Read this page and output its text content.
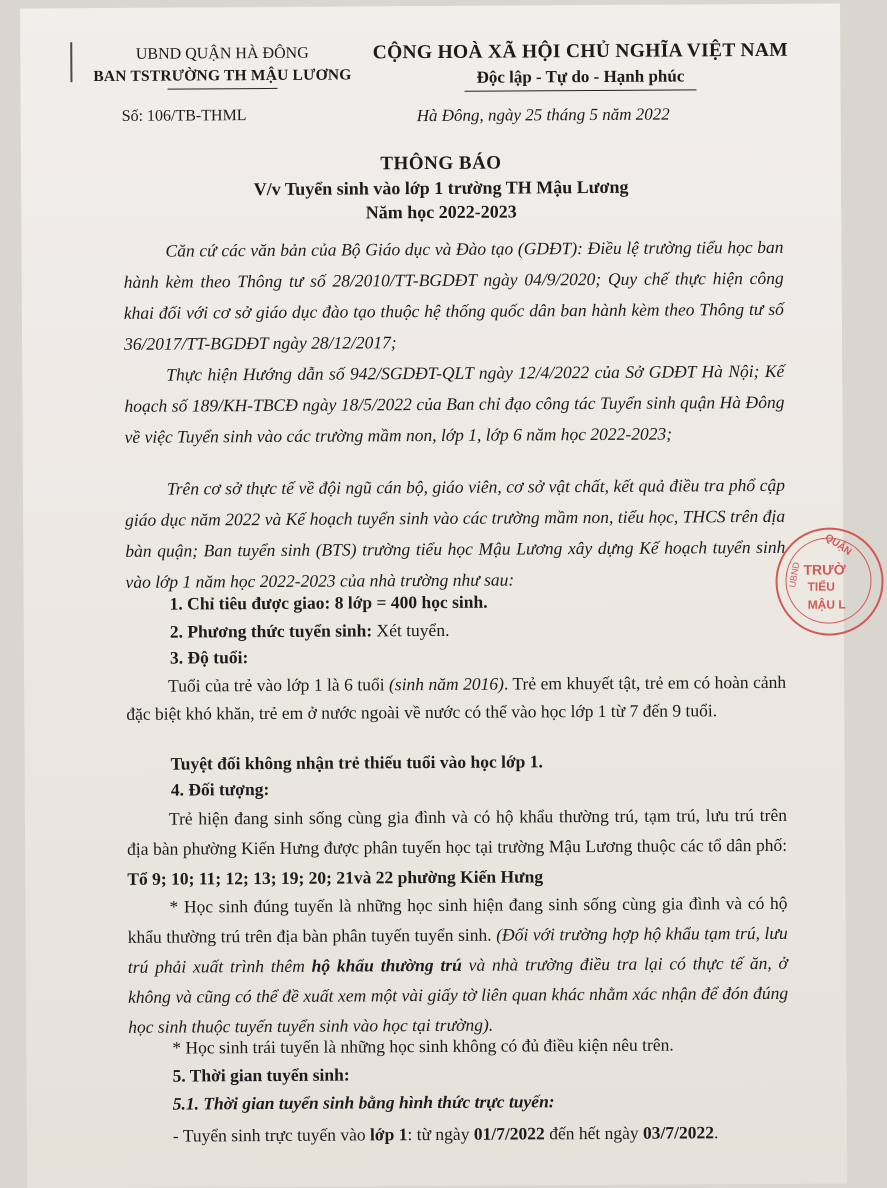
UBND QUẬN HÀ ĐÔNG
BAN TSTRƯỜNG TH MẬU LƯƠNG
CỘNG HOÀ XÃ HỘI CHỦ NGHĨA VIỆT NAM
Độc lập - Tự do - Hạnh phúc
Số: 106/TB-THML	Hà Đông, ngày 25 tháng 5 năm 2022
THÔNG BÁO
V/v Tuyển sinh vào lớp 1 trường TH Mậu Lương
Năm học 2022-2023
Căn cứ các văn bản của Bộ Giáo dục và Đào tạo (GDĐT): Điều lệ trường tiểu học ban hành kèm theo Thông tư số 28/2010/TT-BGDĐT ngày 04/9/2020; Quy chế thực hiện công khai đối với cơ sở giáo dục đào tạo thuộc hệ thống quốc dân ban hành kèm theo Thông tư số 36/2017/TT-BGDĐT ngày 28/12/2017;
Thực hiện Hướng dẫn số 942/SGDĐT-QLT ngày 12/4/2022 của Sở GDĐT Hà Nội; Kế hoạch số 189/KH-TBCĐ ngày 18/5/2022 của Ban chỉ đạo công tác Tuyển sinh quận Hà Đông về việc Tuyển sinh vào các trường mầm non, lớp 1, lớp 6 năm học 2022-2023;
Trên cơ sở thực tế về đội ngũ cán bộ, giáo viên, cơ sở vật chất, kết quả điều tra phổ cập giáo dục năm 2022 và Kế hoạch tuyển sinh vào các trường mầm non, tiểu học, THCS trên địa bàn quận; Ban tuyển sinh (BTS) trường tiểu học Mậu Lương xây dựng Kế hoạch tuyển sinh vào lớp 1 năm học 2022-2023 của nhà trường như sau:
1. Chỉ tiêu được giao: 8 lớp = 400 học sinh.
2. Phương thức tuyển sinh: Xét tuyển.
3. Độ tuổi:
Tuổi của trẻ vào lớp 1 là 6 tuổi (sinh năm 2016). Trẻ em khuyết tật, trẻ em có hoàn cảnh đặc biệt khó khăn, trẻ em ở nước ngoài về nước có thể vào học lớp 1 từ 7 đến 9 tuổi.
Tuyệt đối không nhận trẻ thiếu tuổi vào học lớp 1.
4. Đối tượng:
Trẻ hiện đang sinh sống cùng gia đình và có hộ khẩu thường trú, tạm trú, lưu trú trên địa bàn phường Kiến Hưng được phân tuyến học tại trường Mậu Lương thuộc các tổ dân phố: Tổ 9; 10; 11; 12; 13; 19; 20; 21và 22 phường Kiến Hưng
* Học sinh đúng tuyến là những học sinh hiện đang sinh sống cùng gia đình và có hộ khẩu thường trú trên địa bàn phân tuyến tuyển sinh. (Đối với trường hợp hộ khẩu tạm trú, lưu trú phải xuất trình thêm hộ khẩu thường trú và nhà trường điều tra lại có thực tế ăn, ở không và cũng có thể đề xuất xem một vài giấy tờ liên quan khác nhằm xác nhận để đón đúng học sinh thuộc tuyến tuyển sinh vào học tại trường).
* Học sinh trái tuyến là những học sinh không có đủ điều kiện nêu trên.
5. Thời gian tuyển sinh:
5.1. Thời gian tuyển sinh bằng hình thức trực tuyến:
- Tuyển sinh trực tuyến vào lớp 1: từ ngày 01/7/2022 đến hết ngày 03/7/2022.
QUẬN
TRƯỜ
TIỂU
MẬU L
UBND
